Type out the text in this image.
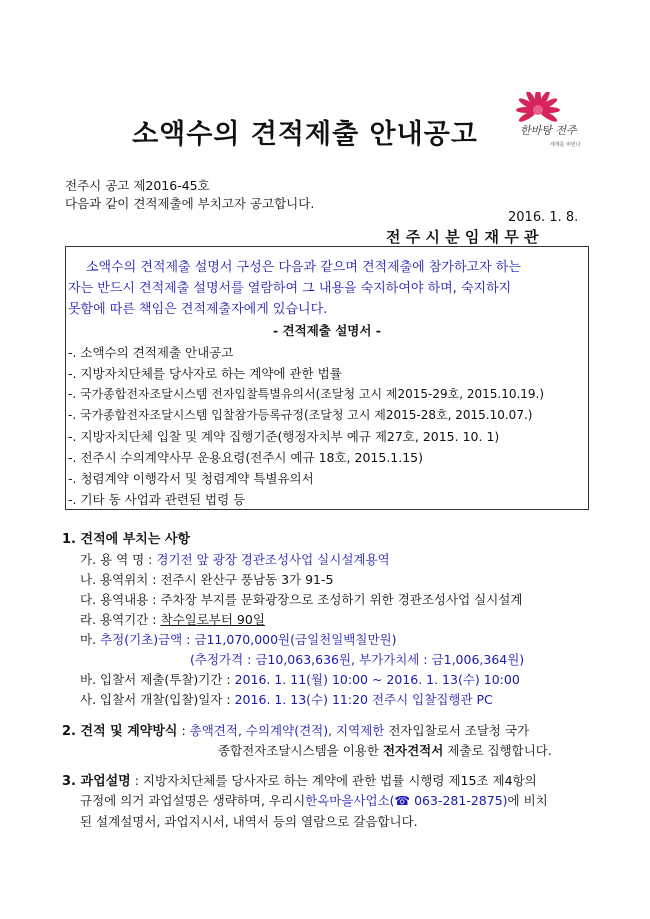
소액수의 견적제출 안내공고	한바탕 전주
세계를 비빈다
전주시 공고 제2016-45호
다음과 같이 견적제출에 부치고자 공고합니다.
2016. 1. 8.
전 주 시 분 임 재 무 관
소액수의 견적제출 설명서 구성은 다음과 같으며 견적제출에 참가하고자 하는
자는 반드시 견적제출 설명서를 열람하여 그 내용을 숙지하여야 하며, 숙지하지
못함에 따른 책임은 견적제출자에게 있습니다.
- 견적제출 설명서 -
-. 소액수의 견적제출 안내공고
-. 지방자치단체를 당사자로 하는 계약에 관한 법률
-. 국가종합전자조달시스템 전자입찰특별유의서(조달청 고시 제2015-29호, 2015.10.19.)
-. 국가종합전자조달시스템 입찰참가등록규정(조달청 고시 제2015-28호, 2015.10.07.)
-. 지방자치단체 입찰 및 계약 집행기준(행정자치부 예규 제27호, 2015. 10. 1)
-. 전주시 수의계약사무 운용요령(전주시 예규 18호, 2015.1.15)
-. 청렴계약 이행각서 및 청렴계약 특별유의서
-. 기타 동 사업과 관련된 법령 등
1. 견적에 부치는 사항
가. 용 역 명 : 경기전 앞 광장 경관조성사업 실시설계용역
나. 용역위치 : 전주시 완산구 풍남동 3가 91-5
다. 용역내용 : 주차장 부지를 문화광장으로 조성하기 위한 경관조성사업 실시설계
라. 용역기간 : 착수일로부터 90일
마. 추정(기초)금액 : 금11,070,000원(금일천일백칠만원)
(추정가격 : 금10,063,636원, 부가가치세 : 금1,006,364원)
바. 입찰서 제출(투찰)기간 : 2016. 1. 11(월) 10:00 ~ 2016. 1. 13(수) 10:00
사. 입찰서 개찰(입찰)일자 : 2016. 1. 13(수) 11:20 전주시 입찰집행관 PC
2. 견적 및 계약방식 : 총액견적, 수의계약(견적), 지역제한 전자입찰로서 조달청 국가
종합전자조달시스템을 이용한 전자견적서 제출로 집행합니다.
3. 과업설명 : 지방자치단체를 당사자로 하는 계약에 관한 법률 시행령 제15조 제4항의
규정에 의거 과업설명은 생략하며, 우리시한옥마을사업소(☎ 063-281-2875)에 비치
된 설계설명서, 과업지시서, 내역서 등의 열람으로 갈음합니다.
